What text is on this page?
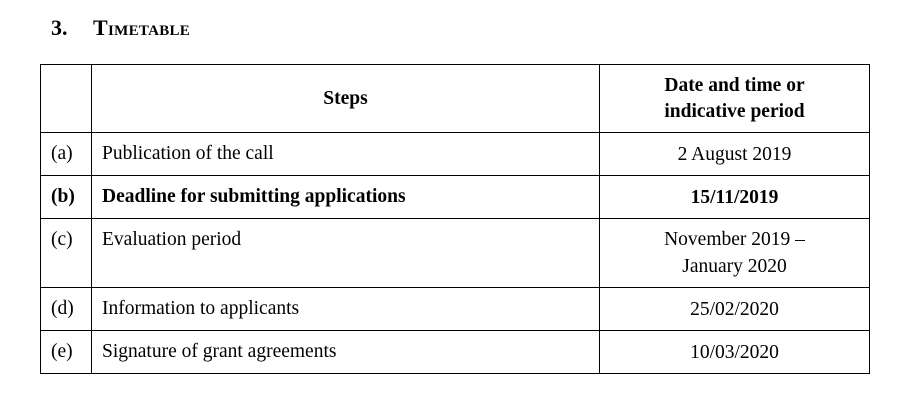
3. Timetable
	Steps	Date and time or
indicative period

(a)	Publication of the call	2 August 2019
(b)	Deadline for submitting applications	15/11/2019
(c)	Evaluation period	November 2019 –
January 2020

(d)	Information to applicants	25/02/2020
(e)	Signature of grant agreements	10/03/2020
